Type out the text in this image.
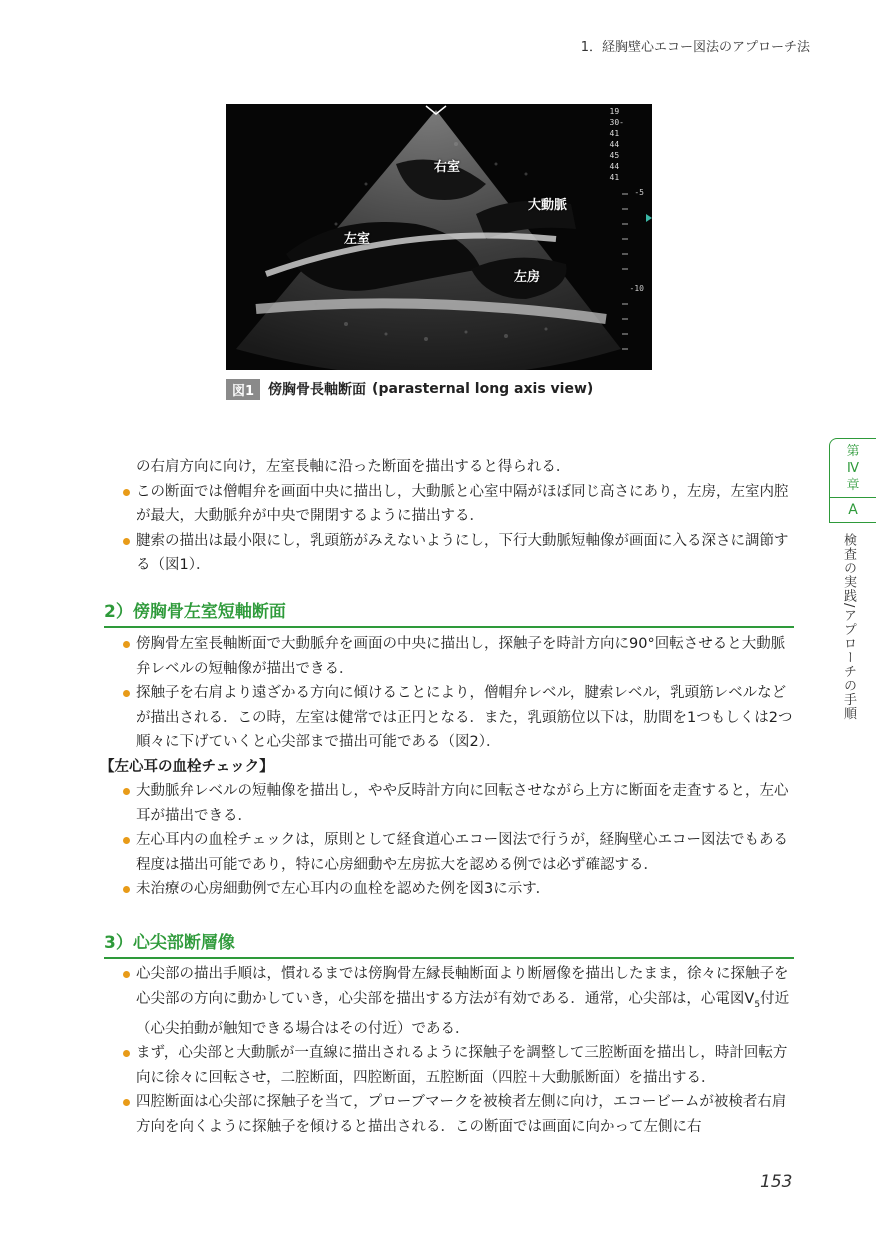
1．経胸壁心エコー図法のアプローチ法
右室
大動脈
左室
左房
19
30-
41
44
45
44
41
-5
-10
図1	傍胸骨長軸断面 (parasternal long axis view)
第
Ⅳ
章
A
検査の実践/アプローチの手順

の右肩方向に向け，左室長軸に沿った断面を描出すると得られる．

この断面では僧帽弁を画面中央に描出し，大動脈と心室中隔がほぼ同じ高さにあり，左房，左室内腔が最大，大動脈弁が中央で開閉するように描出する．

腱索の描出は最小限にし，乳頭筋がみえないようにし，下行大動脈短軸像が画面に入る深さに調節する（図1）．

2）傍胸骨左室短軸断面

傍胸骨左室長軸断面で大動脈弁を画面の中央に描出し，探触子を時計方向に90°回転させると大動脈弁レベルの短軸像が描出できる．

探触子を右肩より遠ざかる方向に傾けることにより，僧帽弁レベル，腱索レベル，乳頭筋レベルなどが描出される．この時，左室は健常では正円となる．また，乳頭筋位以下は，肋間を1つもしくは2つ順々に下げていくと心尖部まで描出可能である（図2）．

【左心耳の血栓チェック】

大動脈弁レベルの短軸像を描出し，やや反時計方向に回転させながら上方に断面を走査すると，左心耳が描出できる．

左心耳内の血栓チェックは，原則として経食道心エコー図法で行うが，経胸壁心エコー図法でもある程度は描出可能であり，特に心房細動や左房拡大を認める例では必ず確認する．

未治療の心房細動例で左心耳内の血栓を認めた例を図3に示す．

3）心尖部断層像

心尖部の描出手順は，慣れるまでは傍胸骨左縁長軸断面より断層像を描出したまま，徐々に探触子を心尖部の方向に動かしていき，心尖部を描出する方法が有効である．通常，心尖部は，心電図$V_5$付近（心尖拍動が触知できる場合はその付近）である．

まず，心尖部と大動脈が一直線に描出されるように探触子を調整して三腔断面を描出し，時計回転方向に徐々に回転させ，二腔断面，四腔断面，五腔断面（四腔＋大動脈断面）を描出する．

四腔断面は心尖部に探触子を当て，プローブマークを被検者左側に向け，エコービームが被検者右肩方向を向くように探触子を傾けると描出される．この断面では画面に向かって左側に右

153
